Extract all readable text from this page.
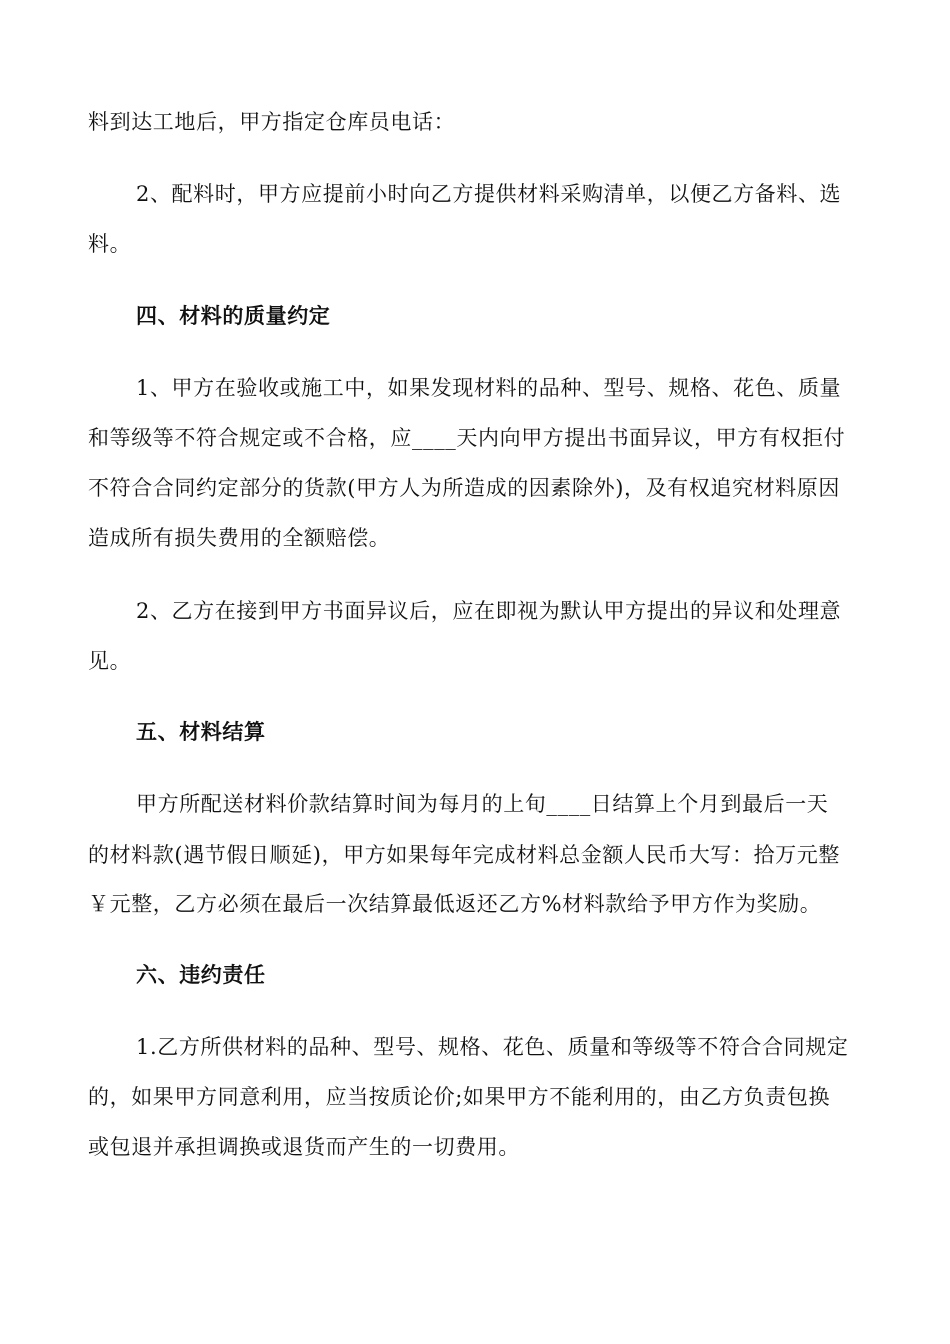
料到达工地后，甲方指定仓库员电话：
2、配料时，甲方应提前小时向乙方提供材料采购清单，以便乙方备料、选
料。
四、材料的质量约定
1、甲方在验收或施工中，如果发现材料的品种、型号、规格、花色、质量
和等级等不符合规定或不合格，应____天内向甲方提出书面异议，甲方有权拒付
不符合合同约定部分的货款(甲方人为所造成的因素除外)，及有权追究材料原因
造成所有损失费用的全额赔偿。
2、乙方在接到甲方书面异议后，应在即视为默认甲方提出的异议和处理意
见。
五、材料结算
甲方所配送材料价款结算时间为每月的上旬____日结算上个月到最后一天
的材料款(遇节假日顺延)，甲方如果每年完成材料总金额人民币大写：拾万元整
￥元整，乙方必须在最后一次结算最低返还乙方%材料款给予甲方作为奖励。
六、违约责任
1.乙方所供材料的品种、型号、规格、花色、质量和等级等不符合合同规定
的，如果甲方同意利用，应当按质论价;如果甲方不能利用的，由乙方负责包换
或包退并承担调换或退货而产生的一切费用。
